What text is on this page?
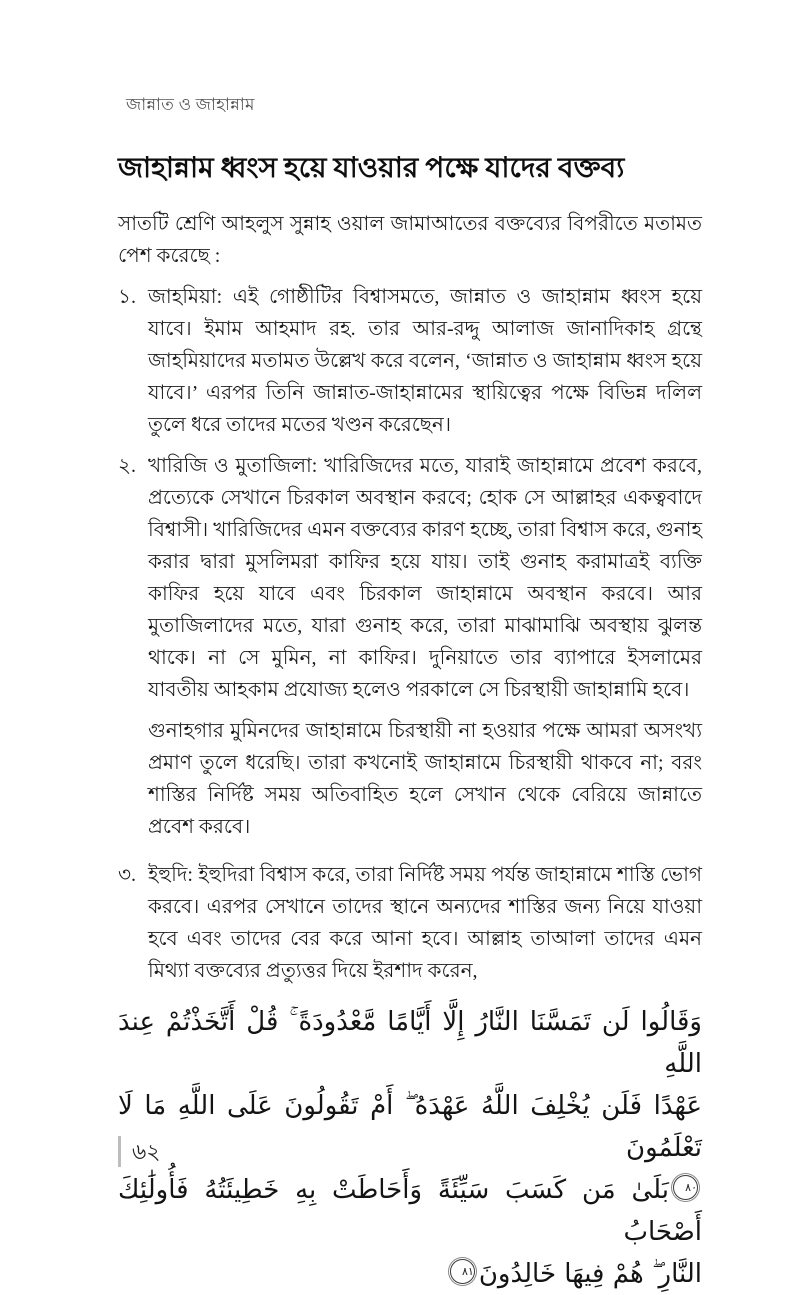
জান্নাত ও জাহান্নাম
জাহান্নাম ধ্বংস হয়ে যাওয়ার পক্ষে যাদের বক্তব্য

সাতটি শ্রেণি আহলুস সুন্নাহ ওয়াল জামাআতের বক্তব্যের বিপরীতে মতামত পেশ করেছে :

১. জাহমিয়া: এই গোষ্ঠীটির বিশ্বাসমতে, জান্নাত ও জাহান্নাম ধ্বংস হয়ে যাবে। ইমাম আহমাদ রহ. তার আর-রদ্দু আলাজ জানাদিকাহ গ্রন্থে জাহমিয়াদের মতামত উল্লেখ করে বলেন, ‘জান্নাত ও জাহান্নাম ধ্বংস হয়ে যাবে।’ এরপর তিনি জান্নাত-জাহান্নামের স্থায়িত্বের পক্ষে বিভিন্ন দলিল তুলে ধরে তাদের মতের খণ্ডন করেছেন।
২. খারিজি ও মুতাজিলা: খারিজিদের মতে, যারাই জাহান্নামে প্রবেশ করবে, প্রত্যেকে সেখানে চিরকাল অবস্থান করবে; হোক সে আল্লাহর একত্ববাদে বিশ্বাসী। খারিজিদের এমন বক্তব্যের কারণ হচ্ছে, তারা বিশ্বাস করে, গুনাহ করার দ্বারা মুসলিমরা কাফির হয়ে যায়। তাই গুনাহ করামাত্রই ব্যক্তি কাফির হয়ে যাবে এবং চিরকাল জাহান্নামে অবস্থান করবে। আর মুতাজিলাদের মতে, যারা গুনাহ করে, তারা মাঝামাঝি অবস্থায় ঝুলন্ত থাকে। না সে মুমিন, না কাফির। দুনিয়াতে তার ব্যাপারে ইসলামের যাবতীয় আহকাম প্রযোজ্য হলেও পরকালে সে চিরস্থায়ী জাহান্নামি হবে।

গুনাহগার মুমিনদের জাহান্নামে চিরস্থায়ী না হওয়ার পক্ষে আমরা অসংখ্য প্রমাণ তুলে ধরেছি। তারা কখনোই জাহান্নামে চিরস্থায়ী থাকবে না; বরং শাস্তির নির্দিষ্ট সময় অতিবাহিত হলে সেখান থেকে বেরিয়ে জান্নাতে প্রবেশ করবে।

৩. ইহুদি: ইহুদিরা বিশ্বাস করে, তারা নির্দিষ্ট সময় পর্যন্ত জাহান্নামে শাস্তি ভোগ করবে। এরপর সেখানে তাদের স্থানে অন্যদের শাস্তির জন্য নিয়ে যাওয়া হবে এবং তাদের বের করে আনা হবে। আল্লাহ তাআলা তাদের এমন মিথ্যা বক্তব্যের প্রত্যুত্তর দিয়ে ইরশাদ করেন,
وَقَالُوا لَن تَمَسَّنَا النَّارُ إِلَّا أَيَّامًا مَّعْدُودَةً ۚ قُلْ أَتَّخَذْتُمْ عِندَ اللَّهِ
عَهْدًا فَلَن يُخْلِفَ اللَّهُ عَهْدَهُ ۖ أَمْ تَقُولُونَ عَلَى اللَّهِ مَا لَا تَعْلَمُونَ
٨٠بَلَىٰ مَن كَسَبَ سَيِّئَةً وَأَحَاطَتْ بِهِ خَطِيئَتُهُ فَأُولَٰئِكَ أَصْحَابُ
النَّارِ ۖ هُمْ فِيهَا خَالِدُونَ٨١
৬২
